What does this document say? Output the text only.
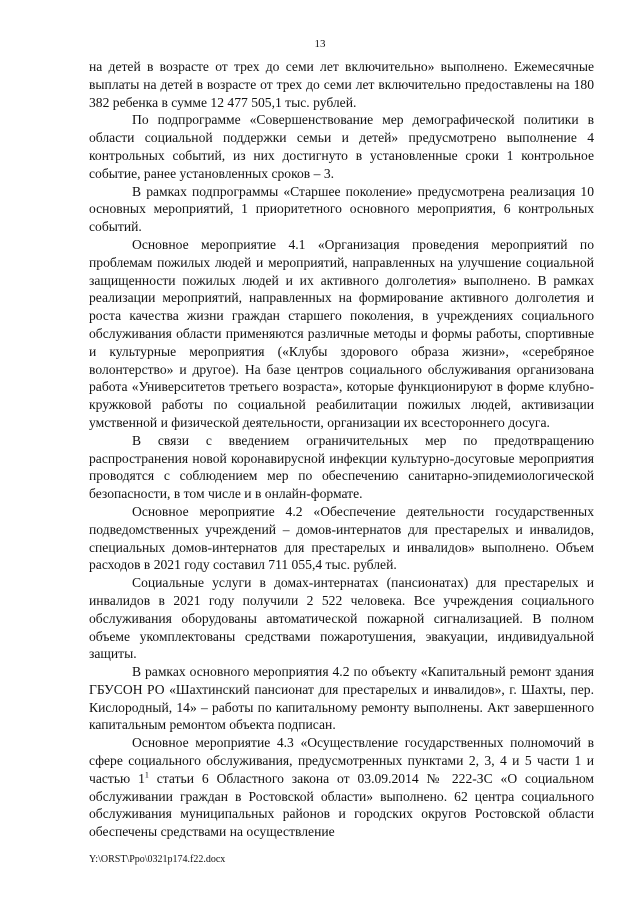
13

на детей в возрасте от трех до семи лет включительно» выполнено. Ежемесячные выплаты на детей в возрасте от трех до семи лет включительно предоставлены на 180 382 ребенка в сумме 12 477 505,1 тыс. рублей.

По подпрограмме «Совершенствование мер демографической политики в области социальной поддержки семьи и детей» предусмотрено выполнение 4 контрольных событий, из них достигнуто в установленные сроки 1 контрольное событие, ранее установленных сроков – 3.

В рамках подпрограммы «Старшее поколение» предусмотрена реализация 10 основных мероприятий, 1 приоритетного основного мероприятия, 6 контрольных событий.

Основное мероприятие 4.1 «Организация проведения мероприятий по проблемам пожилых людей и мероприятий, направленных на улучшение социальной защищенности пожилых людей и их активного долголетия» выполнено. В рамках реализации мероприятий, направленных на формирование активного долголетия и роста качества жизни граждан старшего поколения, в учреждениях социального обслуживания области применяются различные методы и формы работы, спортивные и культурные мероприятия («Клубы здорового образа жизни», «серебряное волонтерство» и другое). На базе центров социального обслуживания организована работа «Университетов третьего возраста», которые функционируют в форме клубно-кружковой работы по социальной реабилитации пожилых людей, активизации умственной и физической деятельности, организации их всестороннего досуга.

В связи с введением ограничительных мер по предотвращению распространения новой коронавирусной инфекции культурно-досуговые мероприятия проводятся с соблюдением мер по обеспечению санитарно-эпидемиологической безопасности, в том числе и в онлайн-формате.

Основное мероприятие 4.2 «Обеспечение деятельности государственных подведомственных учреждений – домов-интернатов для престарелых и инвалидов, специальных домов-интернатов для престарелых и инвалидов» выполнено. Объем расходов в 2021 году составил 711 055,4 тыс. рублей.

Социальные услуги в домах-интернатах (пансионатах) для престарелых и инвалидов в 2021 году получили 2 522 человека. Все учреждения социального обслуживания оборудованы автоматической пожарной сигнализацией. В полном объеме укомплектованы средствами пожаротушения, эвакуации, индивидуальной защиты.

В рамках основного мероприятия 4.2 по объекту «Капитальный ремонт здания ГБУСОН РО «Шахтинский пансионат для престарелых и инвалидов», г. Шахты, пер. Кислородный, 14» – работы по капитальному ремонту выполнены. Акт завершенного капитальным ремонтом объекта подписан.

Основное мероприятие 4.3 «Осуществление государственных полномочий в сфере социального обслуживания, предусмотренных пунктами 2, 3, 4 и 5 части 1 и частью $1^1$ статьи 6 Областного закона от 03.09.2014 № 222-ЗС «О социальном обслуживании граждан в Ростовской области» выполнено. 62 центра социального обслуживания муниципальных районов и городских округов Ростовской области обеспечены средствами на осуществление

Y:\ORST\Ppo\0321p174.f22.docx
